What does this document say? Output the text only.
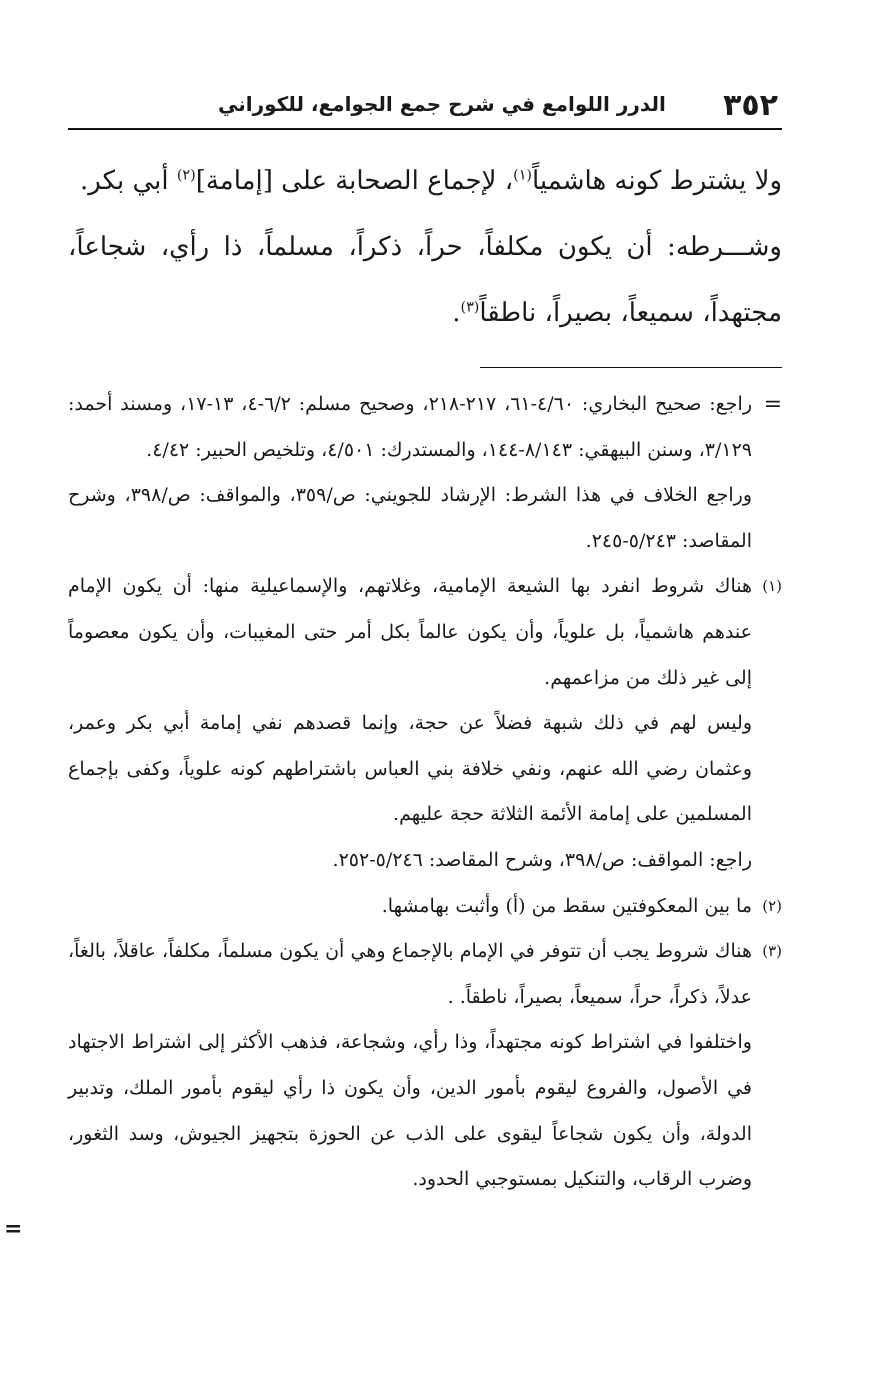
٣٥٢
الدرر اللوامع في شرح جمع الجوامع، للكوراني

ولا يشترط كونه هاشمياً$^{(١)}$، لإجماع الصحابة على [إمامة]$^{(٢)}$ أبي بكر.

وشـــرطه: أن يكون مكلفاً، حراً، ذكراً، مسلماً، ذا رأي، شجاعاً، مجتهداً، سميعاً، بصيراً، ناطقاً$^{(٣)}$.

=
راجع: صحيح البخاري: ٤/٦٠-٦١، ٢١٧-٢١٨، وصحيح مسلم: ٦/٢-٤، ١٣-١٧، ومسند أحمد: ٣/١٢٩، وسنن البيهقي: ٨/١٤٣-١٤٤، والمستدرك: ٤/٥٠١، وتلخيص الحبير: ٤/٤٢.

وراجع الخلاف في هذا الشرط: الإرشاد للجويني: ص/٣٥٩، والمواقف: ص/٣٩٨، وشرح المقاصد: ٥/٢٤٣-٢٤٥.

(١)
هناك شروط انفرد بها الشيعة الإمامية، وغلاتهم، والإسماعيلية منها: أن يكون الإمام عندهم هاشمياً، بل علوياً، وأن يكون عالماً بكل أمر حتى المغيبات، وأن يكون معصوماً إلى غير ذلك من مزاعمهم.

وليس لهم في ذلك شبهة فضلاً عن حجة، وإنما قصدهم نفي إمامة أبي بكر وعمر، وعثمان رضي الله عنهم، ونفي خلافة بني العباس باشتراطهم كونه علوياً، وكفى بإجماع المسلمين على إمامة الأئمة الثلاثة حجة عليهم.

راجع: المواقف: ص/٣٩٨، وشرح المقاصد: ٥/٢٤٦-٢٥٢.

(٢)
ما بين المعكوفتين سقط من (أ) وأثبت بهامشها.

(٣)
هناك شروط يجب أن تتوفر في الإمام بالإجماع وهي أن يكون مسلماً، مكلفاً، عاقلاً، بالغاً، عدلاً، ذكراً، حراً، سميعاً، بصيراً، ناطقاً. .

واختلفوا في اشتراط كونه مجتهداً، وذا رأي، وشجاعة، فذهب الأكثر إلى اشتراط الاجتهاد في الأصول، والفروع ليقوم بأمور الدين، وأن يكون ذا رأي ليقوم بأمور الملك، وتدبير الدولة، وأن يكون شجاعاً ليقوى على الذب عن الحوزة بتجهيز الجيوش، وسد الثغور، وضرب الرقاب، والتنكيل بمستوجبي الحدود.

=
